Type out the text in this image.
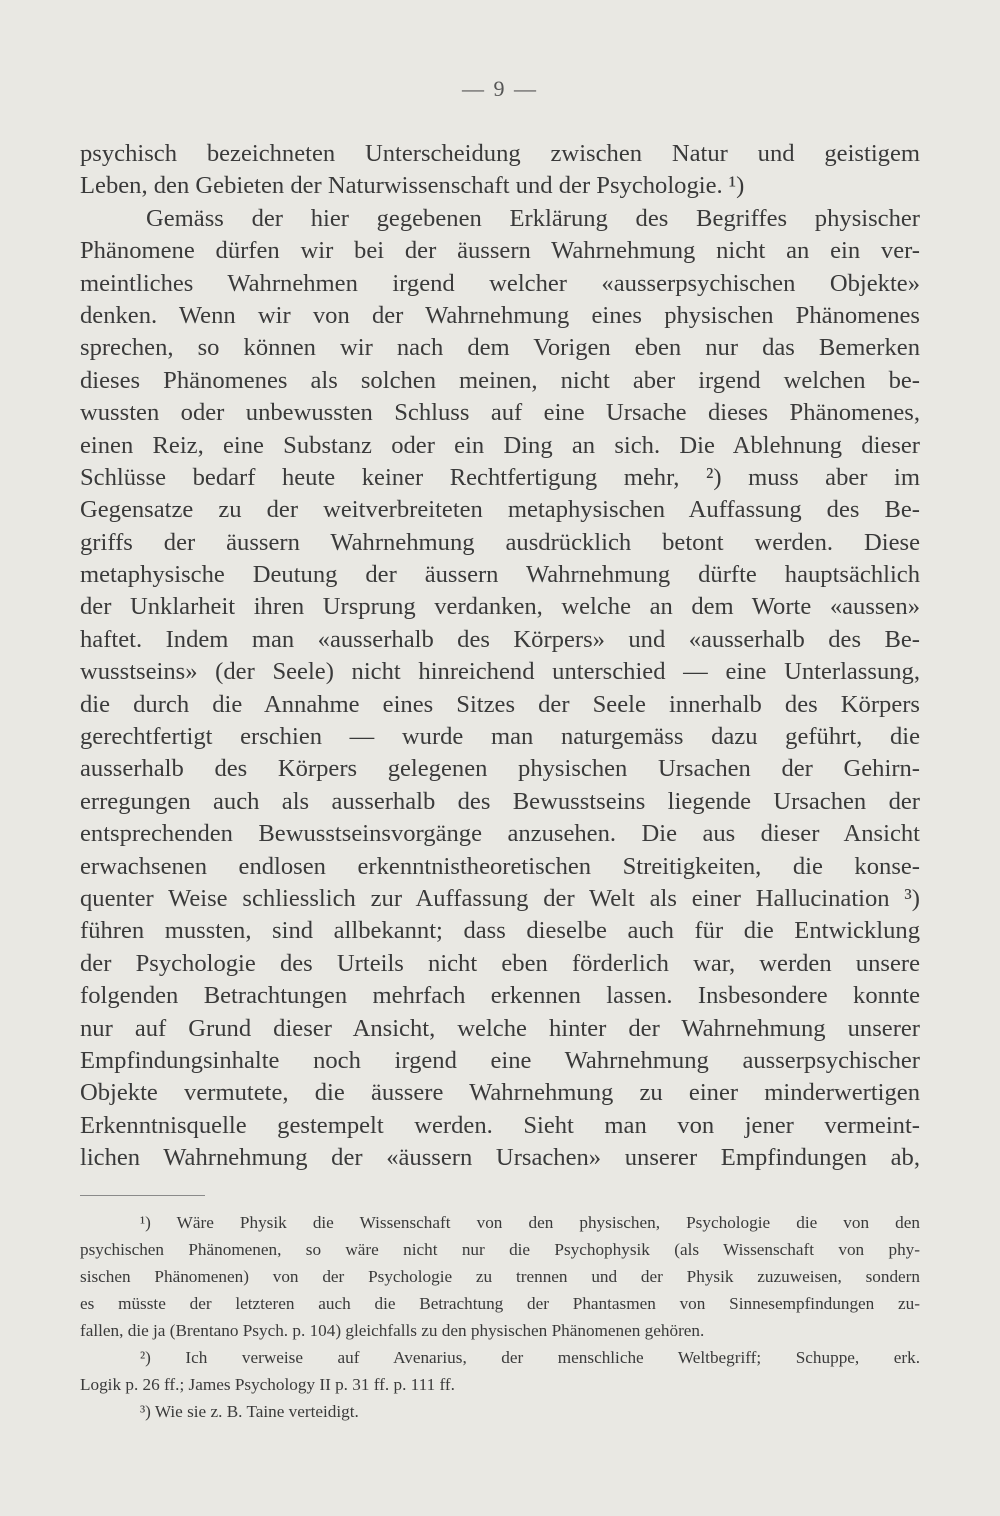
— 9 —
psychisch bezeichneten Unterscheidung zwischen Natur und geistigem
Leben, den Gebieten der Naturwissenschaft und der Psychologie. ¹)
Gemäss der hier gegebenen Erklärung des Begriffes physischer
Phänomene dürfen wir bei der äussern Wahrnehmung nicht an ein ver-
meintliches Wahrnehmen irgend welcher «ausserpsychischen Objekte»
denken. Wenn wir von der Wahrnehmung eines physischen Phänomenes
sprechen, so können wir nach dem Vorigen eben nur das Bemerken
dieses Phänomenes als solchen meinen, nicht aber irgend welchen be-
wussten oder unbewussten Schluss auf eine Ursache dieses Phänomenes,
einen Reiz, eine Substanz oder ein Ding an sich. Die Ablehnung dieser
Schlüsse bedarf heute keiner Rechtfertigung mehr, ²) muss aber im
Gegensatze zu der weitverbreiteten metaphysischen Auffassung des Be-
griffs der äussern Wahrnehmung ausdrücklich betont werden. Diese
metaphysische Deutung der äussern Wahrnehmung dürfte hauptsächlich
der Unklarheit ihren Ursprung verdanken, welche an dem Worte «aussen»
haftet. Indem man «ausserhalb des Körpers» und «ausserhalb des Be-
wusstseins» (der Seele) nicht hinreichend unterschied — eine Unterlassung,
die durch die Annahme eines Sitzes der Seele innerhalb des Körpers
gerechtfertigt erschien — wurde man naturgemäss dazu geführt, die
ausserhalb des Körpers gelegenen physischen Ursachen der Gehirn-
erregungen auch als ausserhalb des Bewusstseins liegende Ursachen der
entsprechenden Bewusstseinsvorgänge anzusehen. Die aus dieser Ansicht
erwachsenen endlosen erkenntnistheoretischen Streitigkeiten, die konse-
quenter Weise schliesslich zur Auffassung der Welt als einer Hallucination ³)
führen mussten, sind allbekannt; dass dieselbe auch für die Entwicklung
der Psychologie des Urteils nicht eben förderlich war, werden unsere
folgenden Betrachtungen mehrfach erkennen lassen. Insbesondere konnte
nur auf Grund dieser Ansicht, welche hinter der Wahrnehmung unserer
Empfindungsinhalte noch irgend eine Wahrnehmung ausserpsychischer
Objekte vermutete, die äussere Wahrnehmung zu einer minderwertigen
Erkenntnisquelle gestempelt werden. Sieht man von jener vermeint-
lichen Wahrnehmung der «äussern Ursachen» unserer Empfindungen ab,
¹) Wäre Physik die Wissenschaft von den physischen, Psychologie die von den
psychischen Phänomenen, so wäre nicht nur die Psychophysik (als Wissenschaft von phy-
sischen Phänomenen) von der Psychologie zu trennen und der Physik zuzuweisen, sondern
es müsste der letzteren auch die Betrachtung der Phantasmen von Sinnesempfindungen zu-
fallen, die ja (Brentano Psych. p. 104) gleichfalls zu den physischen Phänomenen gehören.
²) Ich verweise auf Avenarius, der menschliche Weltbegriff; Schuppe, erk.
Logik p. 26 ff.; James Psychology II p. 31 ff. p. 111 ff.
³) Wie sie z. B. Taine verteidigt.
